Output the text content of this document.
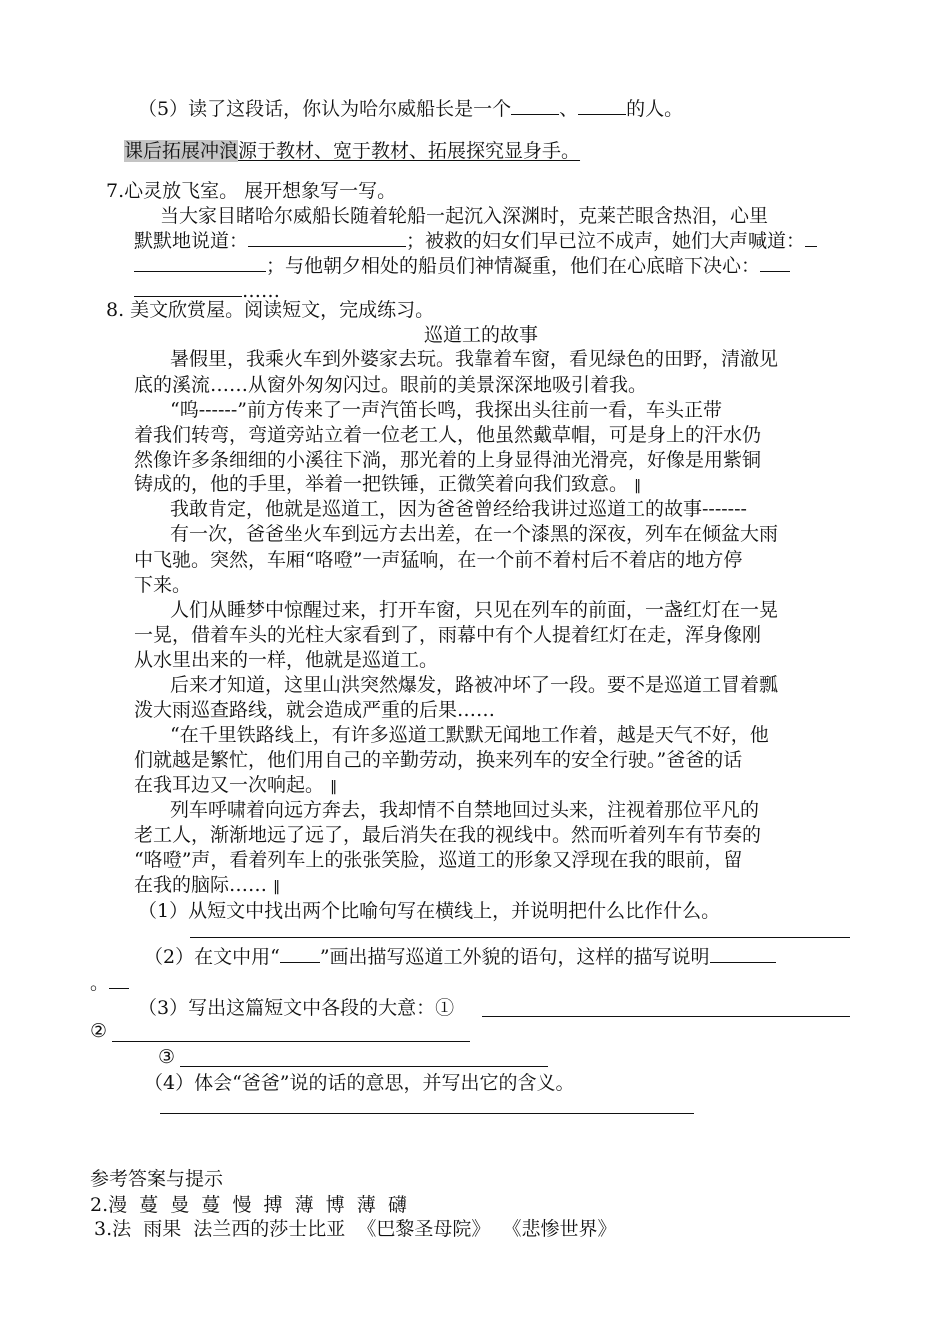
（5）读了这段话，你认为哈尔威船长是一个	、	的人。
课后拓展冲浪源于教材、宽于教材、拓展探究显身手。
7.心灵放飞室。 展开想象写一写。
当大家目睹哈尔威船长随着轮船一起沉入深渊时，克莱芒眼含热泪，心里
默默地说道：	；被救的妇女们早已泣不成声，她们大声喊道：
；与他朝夕相处的船员们神情凝重，他们在心底暗下决心：
……
8. 美文欣赏屋。阅读短文，完成练习。
巡道工的故事
暑假里，我乘火车到外婆家去玩。我靠着车窗，看见绿色的田野，清澈见
底的溪流……从窗外匆匆闪过。眼前的美景深深地吸引着我。
“呜------”前方传来了一声汽笛长鸣，我探出头往前一看，车头正带
着我们转弯，弯道旁站立着一位老工人，他虽然戴草帽，可是身上的汗水仍
然像许多条细细的小溪往下淌，那光着的上身显得油光滑亮，好像是用紫铜
铸成的，他的手里，举着一把铁锤，正微笑着向我们致意。 ‖
我敢肯定，他就是巡道工，因为爸爸曾经给我讲过巡道工的故事-------
有一次，爸爸坐火车到远方去出差，在一个漆黑的深夜，列车在倾盆大雨
中飞驰。突然，车厢“咯噔”一声猛响，在一个前不着村后不着店的地方停
下来。
人们从睡梦中惊醒过来，打开车窗，只见在列车的前面，一盏红灯在一晃
一晃，借着车头的光柱大家看到了，雨幕中有个人提着红灯在走，浑身像刚
从水里出来的一样，他就是巡道工。
后来才知道，这里山洪突然爆发，路被冲坏了一段。要不是巡道工冒着瓢
泼大雨巡查路线，就会造成严重的后果……
“在千里铁路线上，有许多巡道工默默无闻地工作着，越是天气不好，他
们就越是繁忙，他们用自己的辛勤劳动，换来列车的安全行驶。”爸爸的话
在我耳边又一次响起。 ‖
列车呼啸着向远方奔去，我却情不自禁地回过头来，注视着那位平凡的
老工人，渐渐地远了远了，最后消失在我的视线中。然而听着列车有节奏的
“咯噔”声，看着列车上的张张笑脸，巡道工的形象又浮现在我的眼前，留
在我的脑际…… ‖
（1）从短文中找出两个比喻句写在横线上，并说明把什么比作什么。
（2）在文中用“ ”画出描写巡道工外貌的语句，这样的描写说明
。
（3）写出这篇短文中各段的大意：①
②
③
（4）体会“爸爸”说的话的意思，并写出它的含义。
参考答案与提示
2.漫  蔓  曼  蔓  慢  搏  薄  博  薄  礴
3.法  雨果  法兰西的莎士比亚  《巴黎圣母院》  《悲惨世界》
